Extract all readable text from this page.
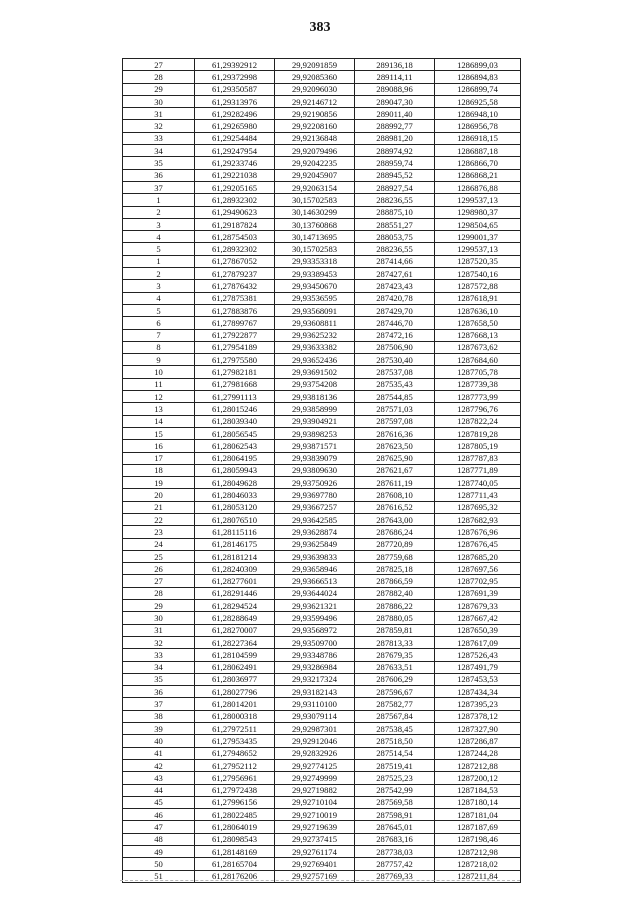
383
27	61,29392912	29,92091859	289136,18	1286899,03
28	61,29372998	29,92085360	289114,11	1286894,83
29	61,29350587	29,92096030	289088,96	1286899,74
30	61,29313976	29,92146712	289047,30	1286925,58
31	61,29282496	29,92190856	289011,40	1286948,10
32	61,29265980	29,92208160	288992,77	1286956,78
33	61,29254484	29,92136848	288981,20	1286918,15
34	61,29247954	29,92079496	288974,92	1286887,18
35	61,29233746	29,92042235	288959,74	1286866,70
36	61,29221038	29,92045907	288945,52	1286868,21
37	61,29205165	29,92063154	288927,54	1286876,88
1	61,28932302	30,15702583	288236,55	1299537,13
2	61,29490623	30,14630299	288875,10	1298980,37
3	61,29187824	30,13760868	288551,27	1298504,65
4	61,28754503	30,14713695	288053,75	1299001,37
5	61,28932302	30,15702583	288236,55	1299537,13
1	61,27867052	29,93353318	287414,66	1287520,35
2	61,27879237	29,93389453	287427,61	1287540,16
3	61,27876432	29,93450670	287423,43	1287572,88
4	61,27875381	29,93536595	287420,78	1287618,91
5	61,27883876	29,93568091	287429,70	1287636,10
6	61,27899767	29,93608811	287446,70	1287658,50
7	61,27922877	29,93625232	287472,16	1287668,13
8	61,27954189	29,93633382	287506,90	1287673,62
9	61,27975580	29,93652436	287530,40	1287684,60
10	61,27982181	29,93691502	287537,08	1287705,78
11	61,27981668	29,93754208	287535,43	1287739,38
12	61,27991113	29,93818136	287544,85	1287773,99
13	61,28015246	29,93858999	287571,03	1287796,76
14	61,28039340	29,93904921	287597,08	1287822,24
15	61,28056545	29,93898253	287616,36	1287819,28
16	61,28062543	29,93871571	287623,50	1287805,19
17	61,28064195	29,93839079	287625,90	1287787,83
18	61,28059943	29,93809630	287621,67	1287771,89
19	61,28049628	29,93750926	287611,19	1287740,05
20	61,28046033	29,93697780	287608,10	1287711,43
21	61,28053120	29,93667257	287616,52	1287695,32
22	61,28076510	29,93642585	287643,00	1287682,93
23	61,28115116	29,93628874	287686,24	1287676,96
24	61,28146175	29,93625849	287720,89	1287676,45
25	61,28181214	29,93639833	287759,68	1287685,20
26	61,28240309	29,93658946	287825,18	1287697,56
27	61,28277601	29,93666513	287866,59	1287702,95
28	61,28291446	29,93644024	287882,40	1287691,39
29	61,28294524	29,93621321	287886,22	1287679,33
30	61,28288649	29,93599496	287880,05	1287667,42
31	61,28270007	29,93568972	287859,81	1287650,39
32	61,28227364	29,93509700	287813,33	1287617,09
33	61,28104599	29,93348786	287679,35	1287526,43
34	61,28062491	29,93286984	287633,51	1287491,79
35	61,28036977	29,93217324	287606,29	1287453,53
36	61,28027796	29,93182143	287596,67	1287434,34
37	61,28014201	29,93110100	287582,77	1287395,23
38	61,28000318	29,93079114	287567,84	1287378,12
39	61,27972511	29,92987301	287538,45	1287327,90
40	61,27953435	29,92912046	287518,50	1287286,87
41	61,27948652	29,92832926	287514,54	1287244,28
42	61,27952112	29,92774125	287519,41	1287212,88
43	61,27956961	29,92749999	287525,23	1287200,12
44	61,27972438	29,92719882	287542,99	1287184,53
45	61,27996156	29,92710104	287569,58	1287180,14
46	61,28022485	29,92710019	287598,91	1287181,04
47	61,28064019	29,92719639	287645,01	1287187,69
48	61,28098543	29,92737415	287683,16	1287198,46
49	61,28148169	29,92761174	287738,03	1287212,98
50	61,28165704	29,92769401	287757,42	1287218,02
51	61,28176206	29,92757169	287769,33	1287211,84
